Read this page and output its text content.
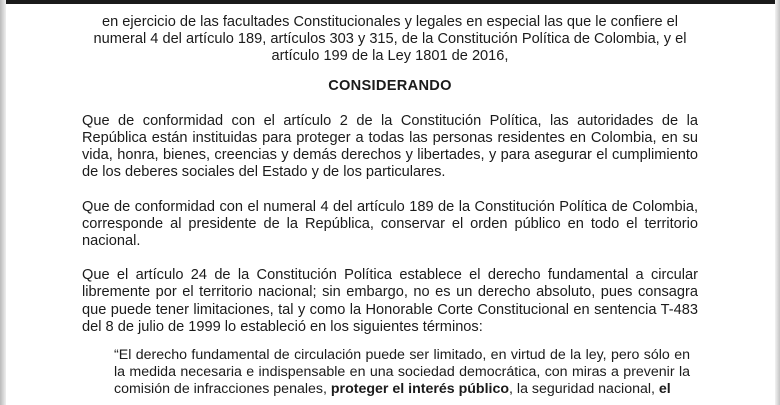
en ejercicio de las facultades Constitucionales y legales en especial las que le confiere el numeral 4 del artículo 189, artículos 303 y 315, de la Constitución Política de Colombia, y el artículo 199 de la Ley 1801 de 2016,
CONSIDERANDO
Que de conformidad con el artículo 2 de la Constitución Política, las autoridades de la República están instituidas para proteger a todas las personas residentes en Colombia, en su vida, honra, bienes, creencias y demás derechos y libertades, y para asegurar el cumplimiento de los deberes sociales del Estado y de los particulares.
Que de conformidad con el numeral 4 del artículo 189 de la Constitución Política de Colombia, corresponde al presidente de la República, conservar el orden público en todo el territorio nacional.
Que el artículo 24 de la Constitución Política establece el derecho fundamental a circular libremente por el territorio nacional; sin embargo, no es un derecho absoluto, pues consagra que puede tener limitaciones, tal y como la Honorable Corte Constitucional en sentencia T-483 del 8 de julio de 1999 lo estableció en los siguientes términos:
“El derecho fundamental de circulación puede ser limitado, en virtud de la ley, pero sólo en la medida necesaria e indispensable en una sociedad democrática, con miras a prevenir la comisión de infracciones penales, proteger el interés público, la seguridad nacional, el
